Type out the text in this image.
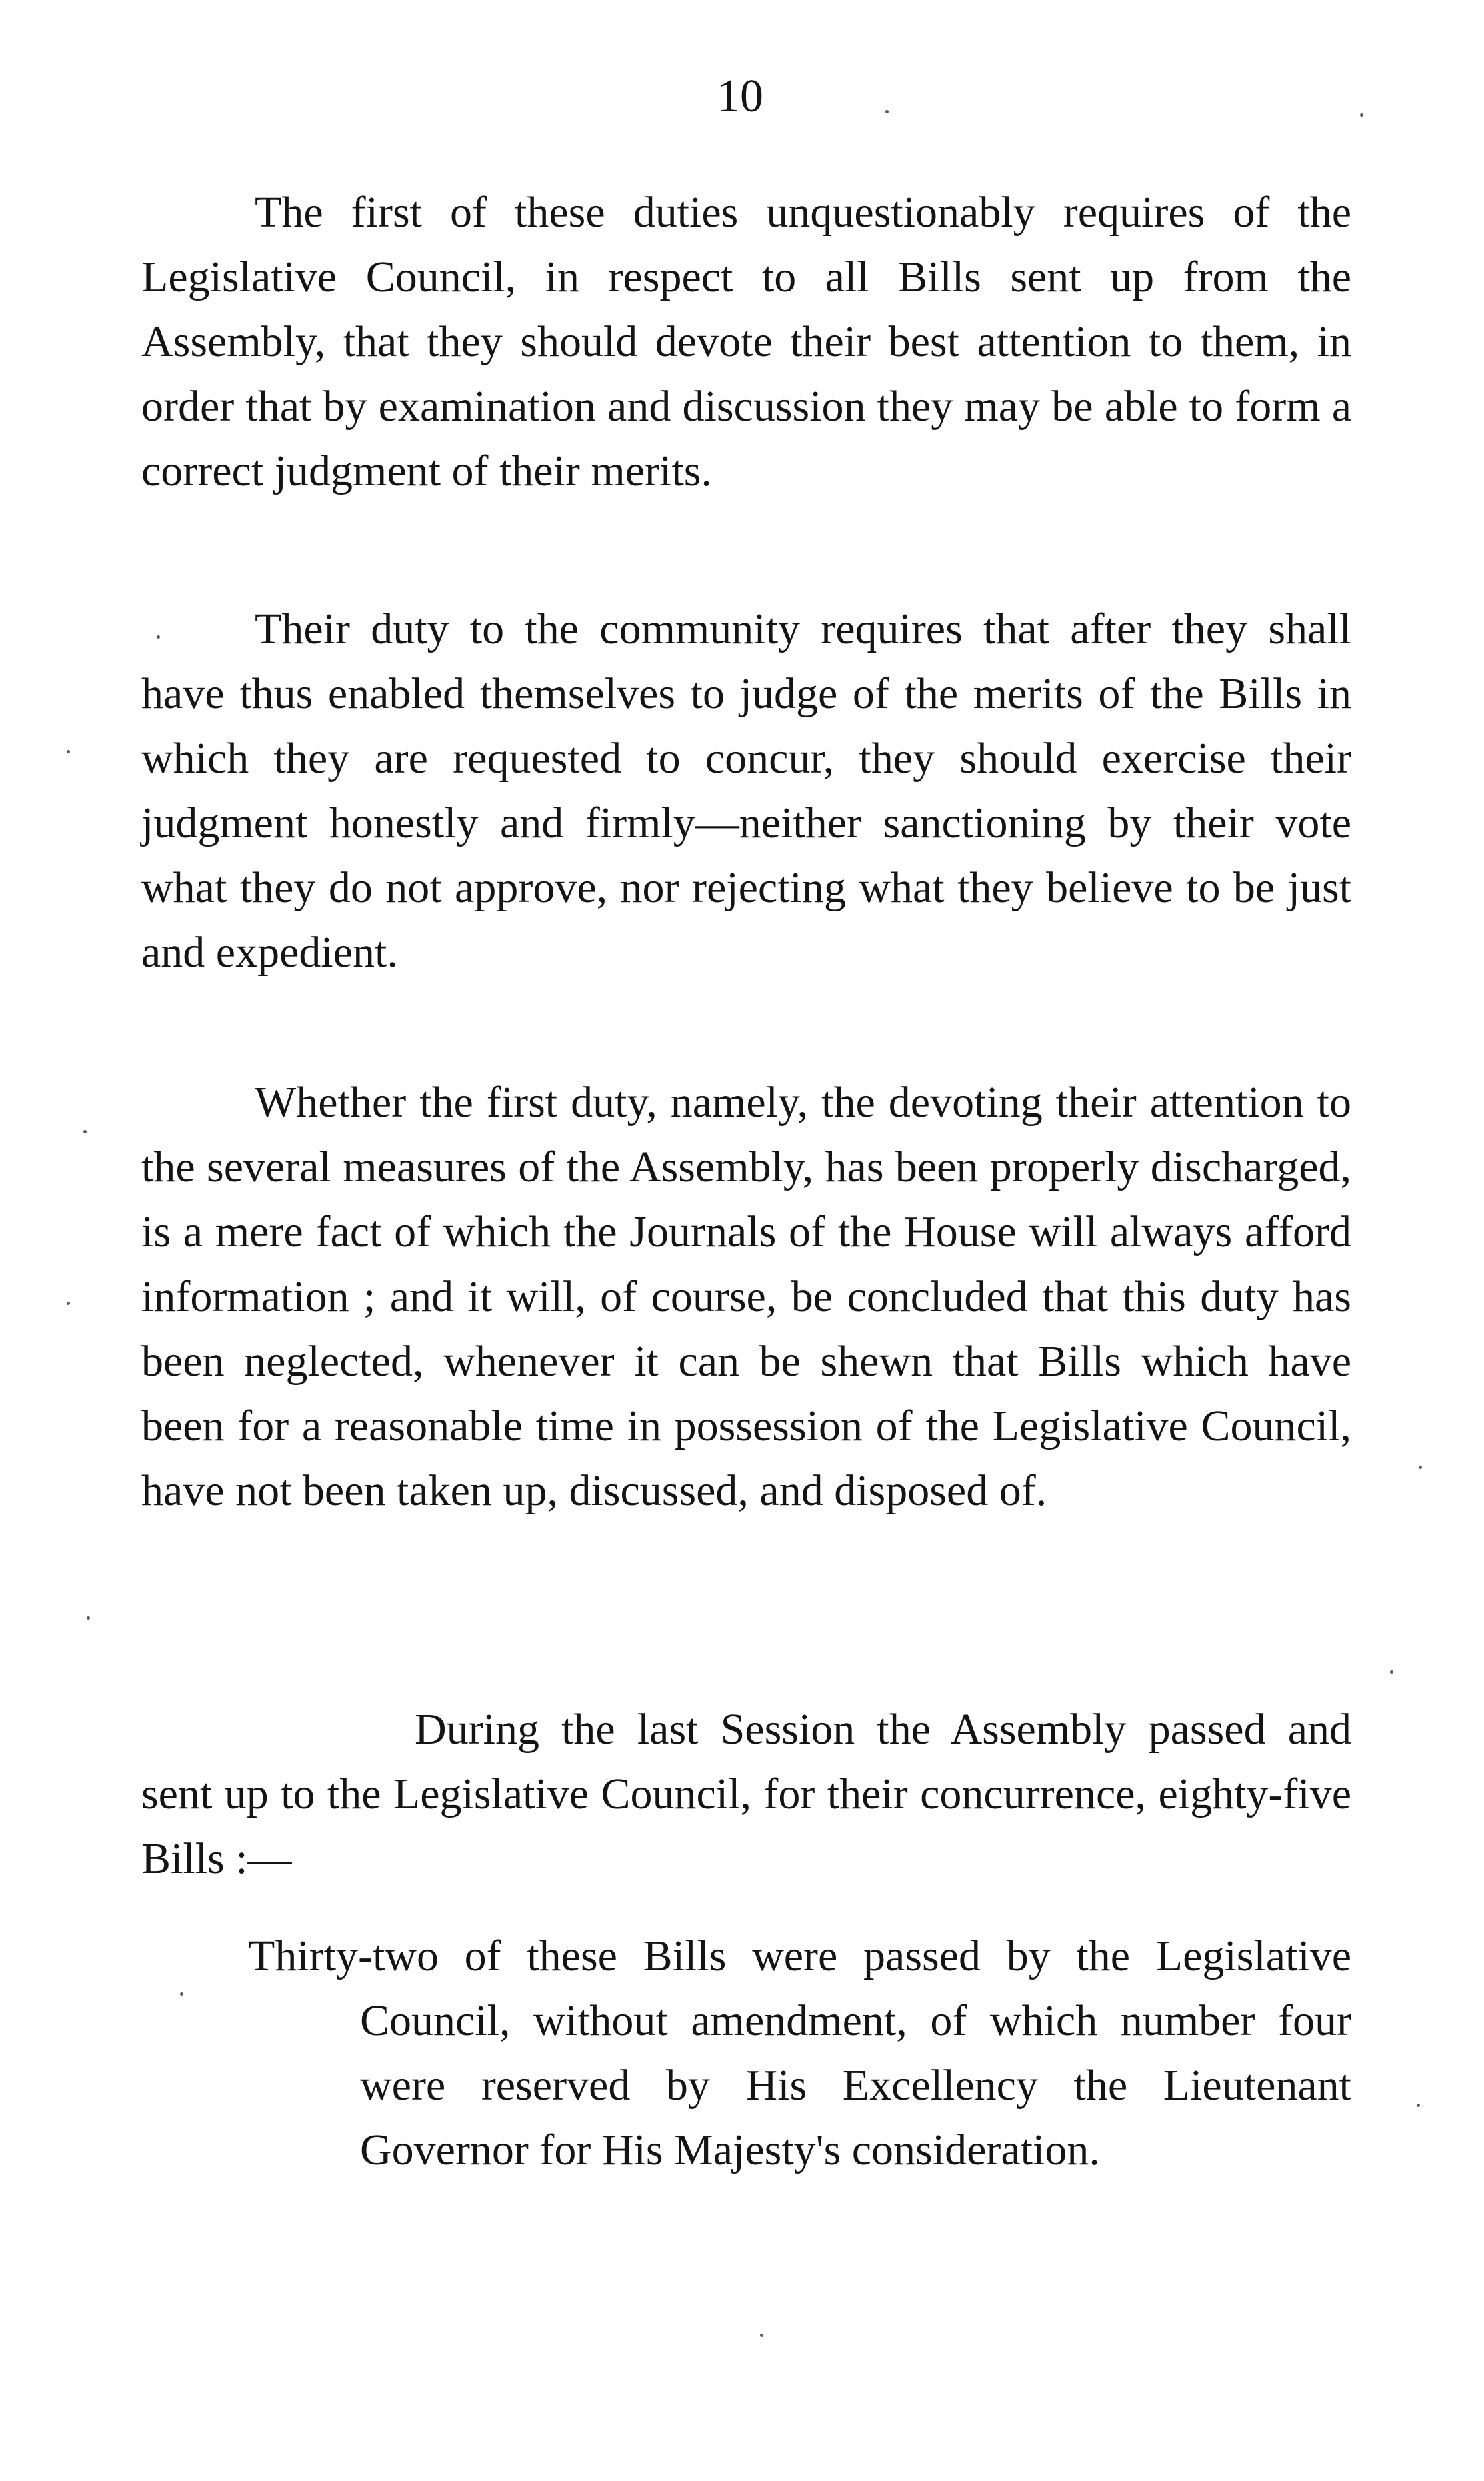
10

The first of these duties unquestionably requires of the Legislative Council, in respect to all Bills sent up from the Assembly, that they should devote their best attention to them, in order that by examination and discussion they may be able to form a correct judgment of their merits.

Their duty to the community requires that after they shall have thus enabled themselves to judge of the merits of the Bills in which they are requested to concur, they should exercise their judgment honestly and firmly—neither sanctioning by their vote what they do not approve, nor rejecting what they believe to be just and expedient.

Whether the first duty, namely, the devoting their attention to the several measures of the Assembly, has been properly discharged, is a mere fact of which the Journals of the House will always afford information ; and it will, of course, be concluded that this duty has been neglected, whenever it can be shewn that Bills which have been for a reasonable time in possession of the Legislative Council, have not been taken up, discussed, and disposed of.

During the last Session the Assembly passed and sent up to the Legislative Council, for their concurrence, eighty-five Bills :—

Thirty-two of these Bills were passed by the Legislative Council, without amendment, of which number four were reserved by His Excellency the Lieutenant Governor for His Majesty's consideration.
